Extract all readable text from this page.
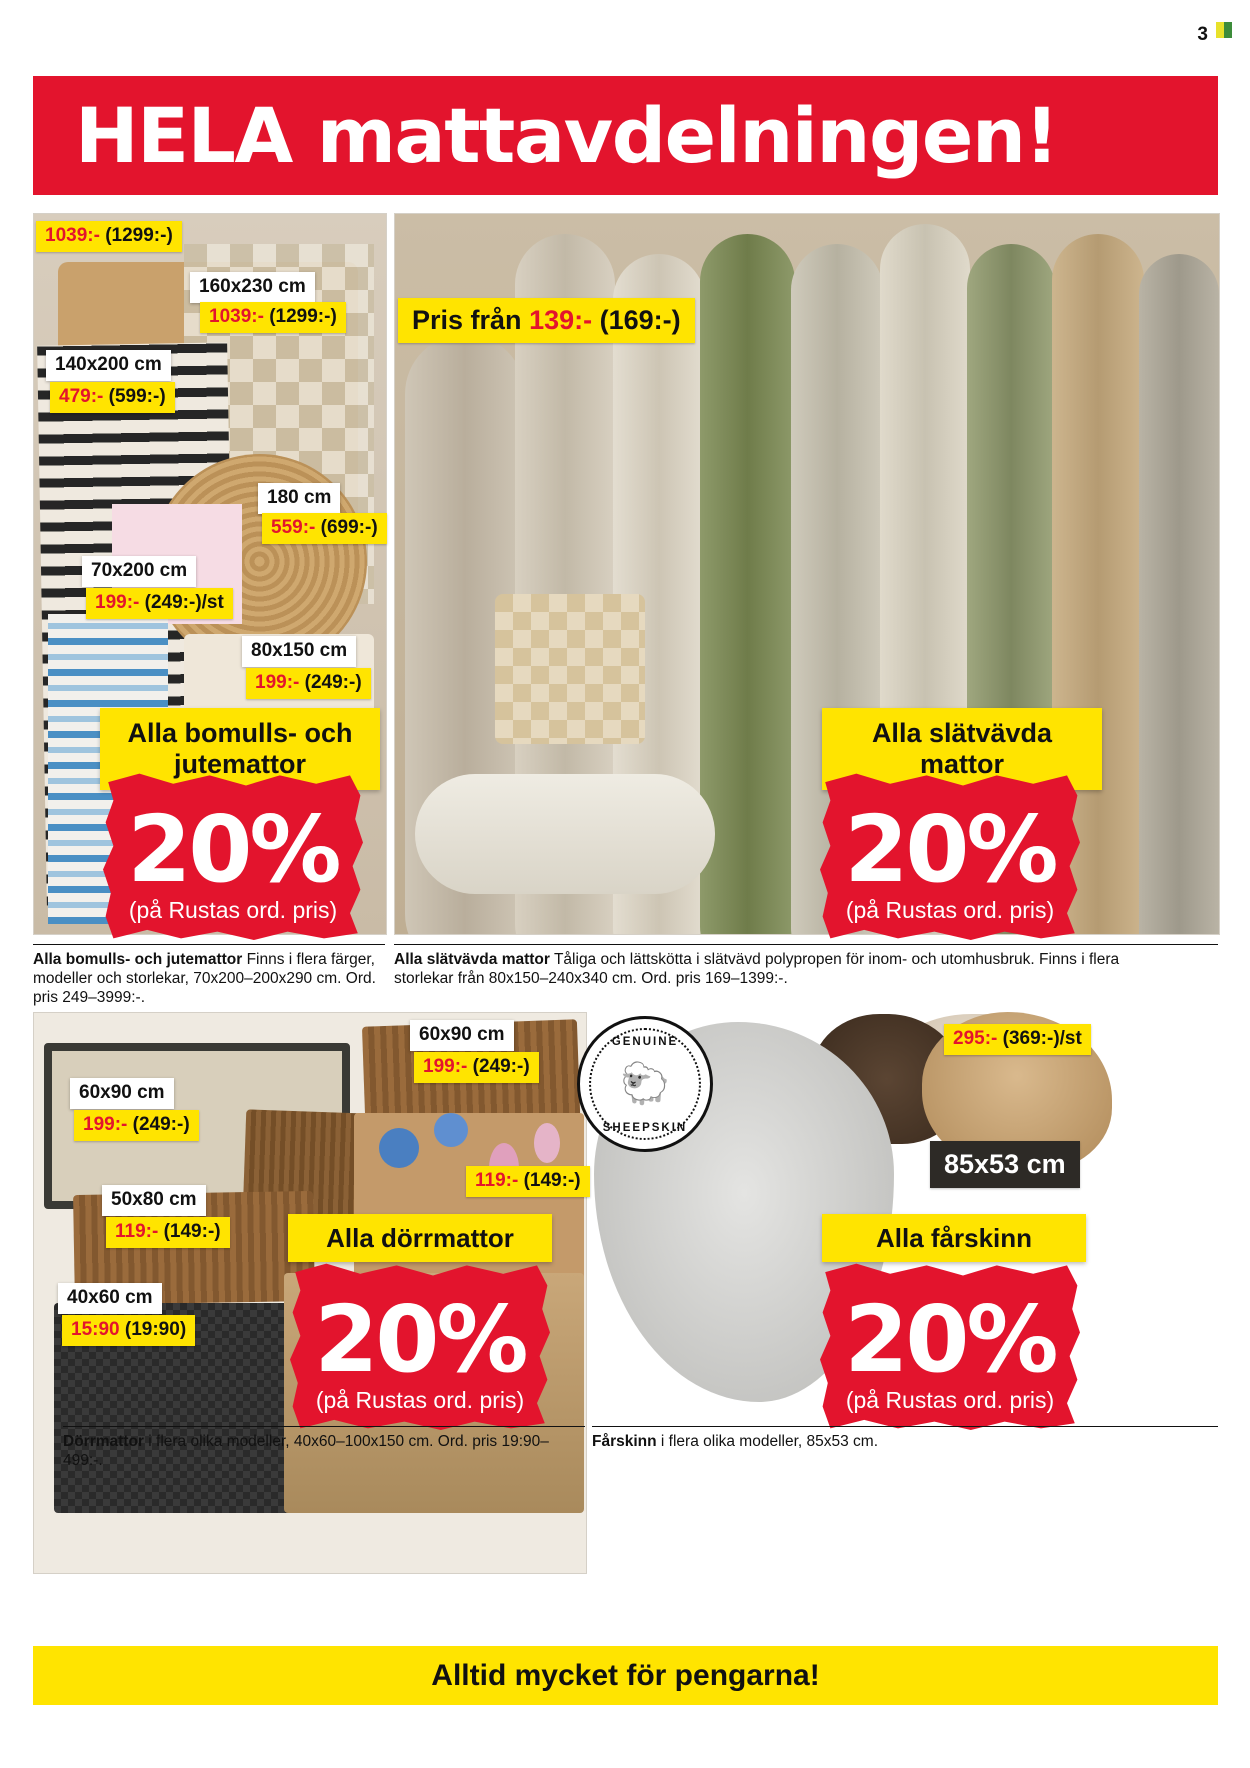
3
HELA mattavdelningen!
1039:- (1299:-)
160x230 cm
1039:- (1299:-)
140x200 cm
479:- (599:-)
180 cm
559:- (699:-)
70x200 cm
199:- (249:-)/st
80x150 cm
199:- (249:-)
Alla bomulls- och jutemattor
20%
(på Rustas ord. pris)
Alla bomulls- och jutemattor Finns i flera färger, modeller och storlekar, 70x200–200x290 cm. Ord. pris 249–3999:-.
Pris från 139:- (169:-)
Alla slätvävda mattor
20%
(på Rustas ord. pris)
Alla slätvävda mattor Tåliga och lättskötta i slätvävd polypropen för inom- och utomhusbruk. Finns i flera storlekar från 80x150–240x340 cm. Ord. pris 169–1399:-.
60x90 cm
199:- (249:-)
60x90 cm
199:- (249:-)
119:- (149:-)
50x80 cm
119:- (149:-)
40x60 cm
15:90 (19:90)
Alla dörrmattor
20%
(på Rustas ord. pris)
Dörrmattor i flera olika modeller, 40x60–100x150 cm. Ord. pris 19:90–499:-.
GENUINE
🐑
SHEEPSKIN
295:- (369:-)/st
85x53 cm
Alla fårskinn
20%
(på Rustas ord. pris)
Fårskinn i flera olika modeller, 85x53 cm.
Alltid mycket för pengarna!
